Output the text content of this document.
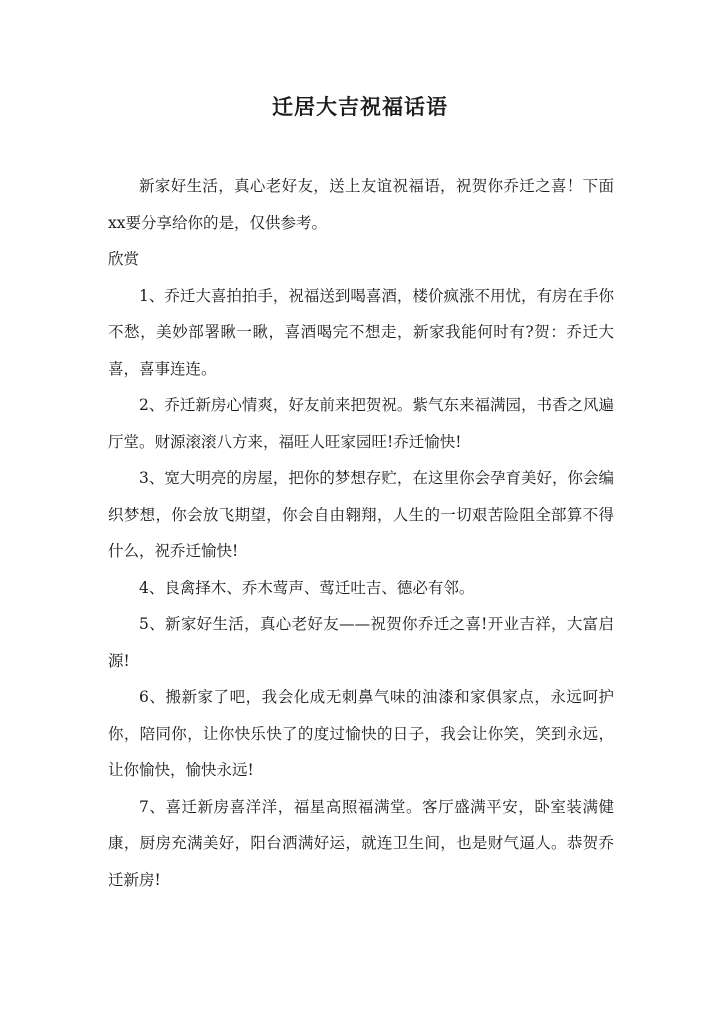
迁居大吉祝福话语

新家好生活，真心老好友，送上友谊祝福语，祝贺你乔迁之喜！下面xx要分享给你的是，仅供参考。

欣赏

1、乔迁大喜拍拍手，祝福送到喝喜酒，楼价疯涨不用忧，有房在手你不愁，美妙部署瞅一瞅，喜酒喝完不想走，新家我能何时有?贺：乔迁大喜，喜事连连。

2、乔迁新房心情爽，好友前来把贺祝。紫气东来福满园，书香之风遍厅堂。财源滚滚八方来，福旺人旺家园旺!乔迁愉快!

3、宽大明亮的房屋，把你的梦想存贮，在这里你会孕育美好，你会编织梦想，你会放飞期望，你会自由翱翔，人生的一切艰苦险阻全部算不得什么，祝乔迁愉快!

4、良禽择木、乔木莺声、莺迁吐吉、德必有邻。

5、新家好生活，真心老好友——祝贺你乔迁之喜!开业吉祥，大富启源!

6、搬新家了吧，我会化成无刺鼻气味的油漆和家俱家点，永远呵护你，陪同你，让你快乐快了的度过愉快的日子，我会让你笑，笑到永远，让你愉快，愉快永远!

7、喜迁新房喜洋洋，福星高照福满堂。客厅盛满平安，卧室装满健康，厨房充满美好，阳台洒满好运，就连卫生间，也是财气逼人。恭贺乔迁新房!
